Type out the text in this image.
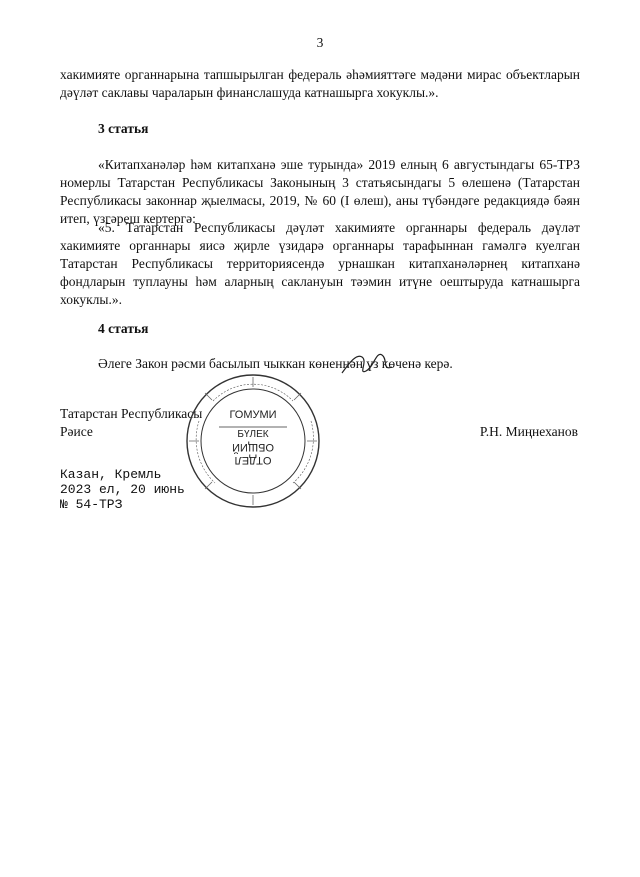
3

хакимияте органнарына тапшырылган федераль әһәмияттәге мәдәни мирас объектларын дәүләт саклавы чараларын финанслашуда катнашырга хокуклы.».

3 статья

«Китапханәләр һәм китапханә эше турында» 2019 елның 6 августындагы 65-ТРЗ номерлы Татарстан Республикасы Законының 3 статьясындагы 5 өлешенә (Татарстан Республикасы законнар җыелмасы, 2019, № 60 (I өлеш), аны түбәндәге редакциядә бәян итеп, үзгәреш кертергә:

«5. Татарстан Республикасы дәүләт хакимияте органнары федераль дәүләт хакимияте органнары яисә җирле үзидарә органнары тарафыннан гамәлгә куелган Татарстан Республикасы территориясендә урнашкан китапханәләрнең китапханә фондларын туплауны һәм аларның саклануын тәэмин итүне оештыруда катнашырга хокуклы.».

4 статья

Әлеге Закон рәсми басылып чыккан көненнән үз көченә керә.

Татарстан Республикасы
Рәисе	Р.Н. Миңнеханов
ГОМУМИ
БҮЛЕК
ОТДЕЛ
ОБЩИЙ
Казан, Кремль
2023 ел, 20 июнь
№ 54-ТРЗ
